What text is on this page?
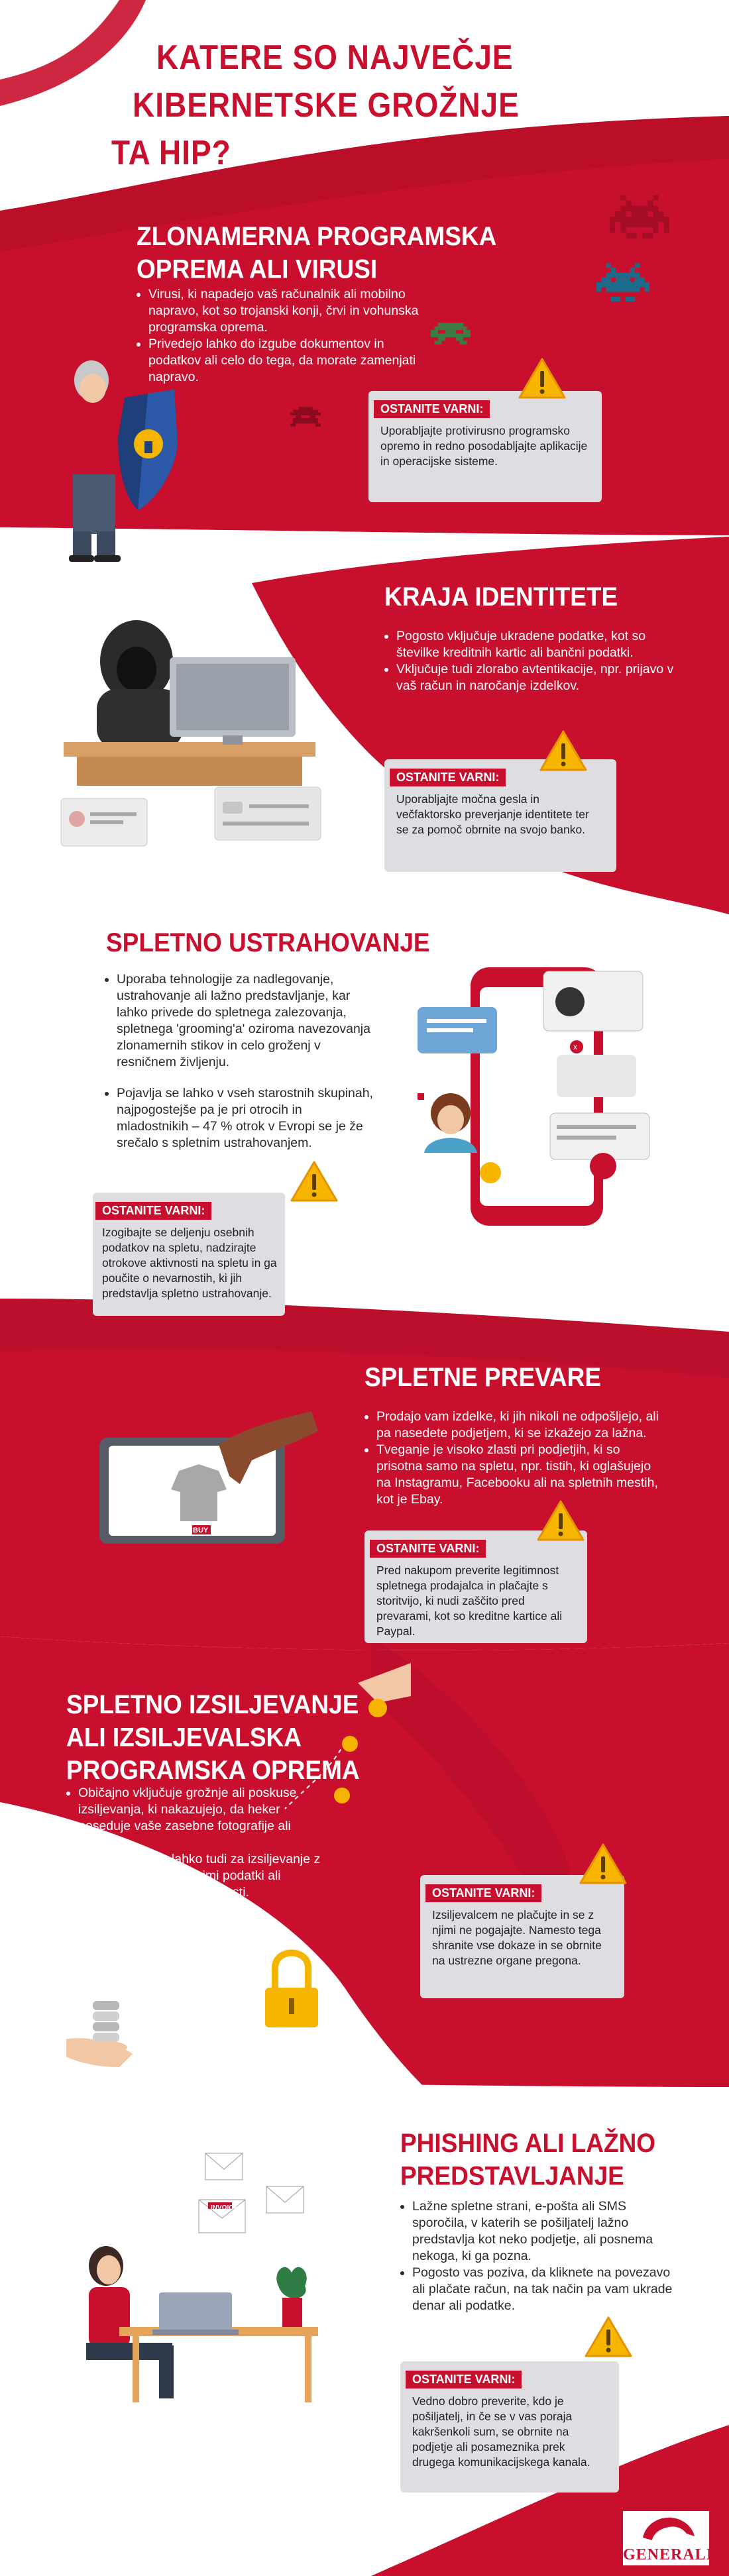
KATERE SO NAJVEČJE
KIBERNETSKE GROŽNJE
TA HIP?
ZLONAMERNA PROGRAMSKA
OPREMA ALI VIRUSI
• Virusi, ki napadejo vaš računalnik ali mobilno napravo, kot so trojanski konji, črvi in vohunska programska oprema.
• Privedejo lahko do izgube dokumentov in podatkov ali celo do tega, da morate zamenjati napravo.
OSTANITE VARNI:
Uporabljajte protivirusno programsko opremo in redno posodabljajte aplikacije in operacijske sisteme.
KRAJA IDENTITETE
• Pogosto vključuje ukradene podatke, kot so številke kreditnih kartic ali bančni podatki.
• Vključuje tudi zlorabo avtentikacije, npr. prijavo v vaš račun in naročanje izdelkov.
OSTANITE VARNI:
Uporabljajte močna gesla in večfaktorsko preverjanje identitete ter se za pomoč obrnite na svojo banko.
SPLETNO USTRAHOVANJE
• Uporaba tehnologije za nadlegovanje, ustrahovanje ali lažno predstavljanje, kar lahko privede do spletnega zalezovanja, spletnega 'grooming'a' oziroma navezovanja zlonamernih stikov in celo groženj v resničnem življenju.
• Pojavlja se lahko v vseh starostnih skupinah, najpogostejše pa je pri otrocih in mladostnikih – 47 % otrok v Evropi se je že srečalo s spletnim ustrahovanjem.
x
OSTANITE VARNI:
Izogibajte se deljenju osebnih podatkov na spletu, nadzirajte otrokove aktivnosti na spletu in ga poučite o nevarnostih, ki jih predstavlja spletno ustrahovanje.
SPLETNE PREVARE
• Prodajo vam izdelke, ki jih nikoli ne odpošljejo, ali pa nasedete podjetjem, ki se izkažejo za lažna.
• Tveganje je visoko zlasti pri podjetjih, ki so prisotna samo na spletu, npr. tistih, ki oglašujejo na Instagramu, Facebooku ali na spletnih mestih, kot je Ebay.
BUY
OSTANITE VARNI:
Pred nakupom preverite legitimnost spletnega prodajalca in plačajte s storitvijo, ki nudi zaščito pred prevarami, kot so kreditne kartice ali Paypal.
SPLETNO IZSILJEVANJE
ALI IZSILJEVALSKA
PROGRAMSKA OPREMA
• Običajno vključuje grožnje ali poskuse izsiljevanja, ki nakazujejo, da heker poseduje vaše zasebne fotografije ali podatke.
• Pri podjetjih gre lahko tudi za izsiljevanje z ukradenimi pomembnimi podatki ali blokiranje digitalnih aktivnosti.	OSTANITE VARNI:
Izsiljevalcem ne plačujte in se z njimi ne pogajajte. Namesto tega shranite vse dokaze in se obrnite na ustrezne organe pregona.
PHISHING ALI LAŽNO
PREDSTAVLJANJE
• Lažne spletne strani, e-pošta ali SMS sporočila, v katerih se pošiljatelj lažno predstavlja kot neko podjetje, ali posnema nekoga, ki ga pozna.
• Pogosto vas poziva, da kliknete na povezavo ali plačate račun, na tak način pa vam ukrade denar ali podatke.
INVOICE
OSTANITE VARNI:
Vedno dobro preverite, kdo je pošiljatelj, in če se v vas poraja kakršenkoli sum, se obrnite na podjetje ali posameznika prek drugega komunikacijskega kanala.
GENERALI
